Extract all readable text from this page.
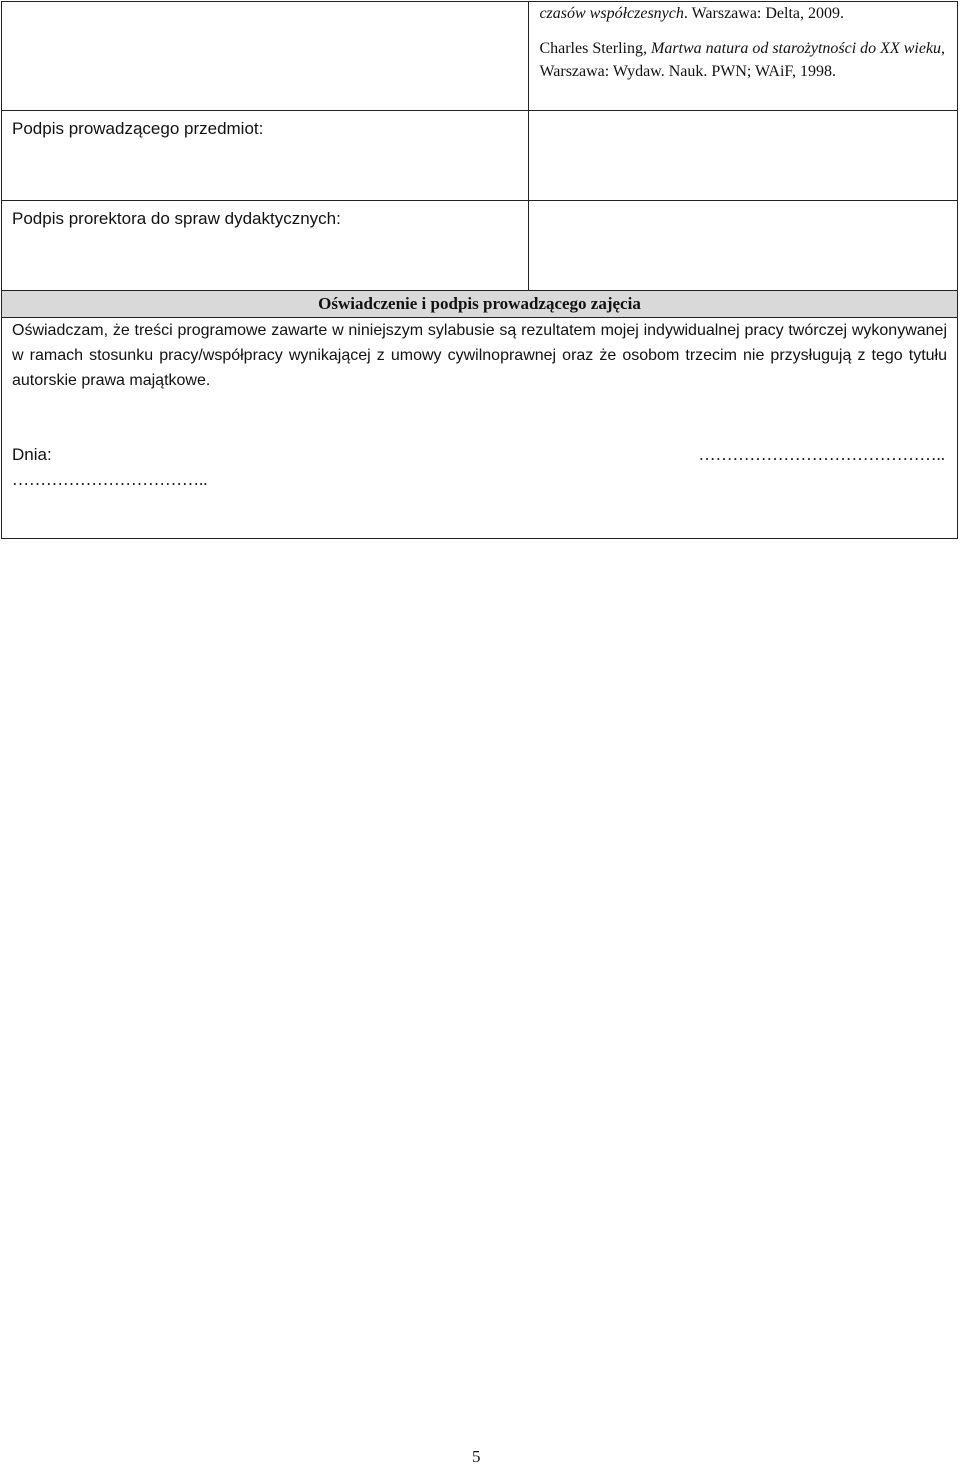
	czasów współczesnych. Warszawa: Delta, 2009.

Charles Sterling, Martwa natura od starożytności do XX wieku, Warszawa: Wydaw. Nauk. PWN; WAiF, 1998.

Podpis prowadzącego przedmiot:	

Podpis prorektora do spraw dydaktycznych:	

Oświadczenie i podpis prowadzącego zajęcia
Oświadczam, że treści programowe zawarte w niniejszym sylabusie są rezultatem mojej indywidualnej pracy twórczej wykonywanej w ramach stosunku pracy/współpracy wynikającej z umowy cywilnoprawnej oraz że osobom trzecim nie przysługują z tego tytułu autorskie prawa majątkowe.
Dnia:
……………………………..
……………………………………..	
5
